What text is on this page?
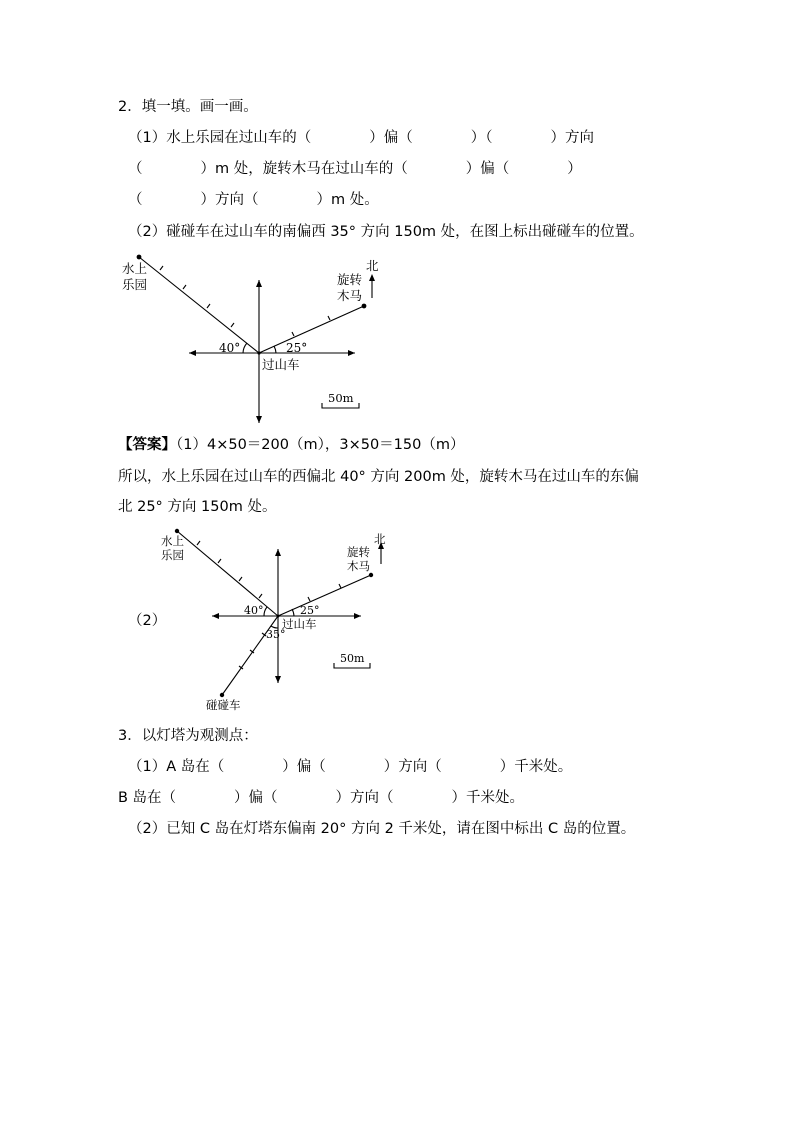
2．填一填。画一画。
（1）水上乐园在过山车的（　　　　）偏（　　　　）（　　　　）方向
（　　　　）m 处，旋转木马在过山车的（　　　　）偏（　　　　）
（　　　　）方向（　　　　）m 处。
（2）碰碰车在过山车的南偏西 35° 方向 150m 处，在图上标出碰碰车的位置。
水上
乐园	旋转
木马
北
过山车
40°	25°
50m
【答案】（1）4×50＝200（m），3×50＝150（m）
所以，水上乐园在过山车的西偏北 40° 方向 200m 处，旋转木马在过山车的东偏
北 25° 方向 150m 处。
（2）
水上
乐园	旋转
木马
北
过山车
碰碰车
40°	25°
35°
50m
3．以灯塔为观测点：
（1）A 岛在（　　　　）偏（　　　　）方向（　　　　）千米处。
B 岛在（　　　　）偏（　　　　）方向（　　　　）千米处。
（2）已知 C 岛在灯塔东偏南 20° 方向 2 千米处，请在图中标出 C 岛的位置。
